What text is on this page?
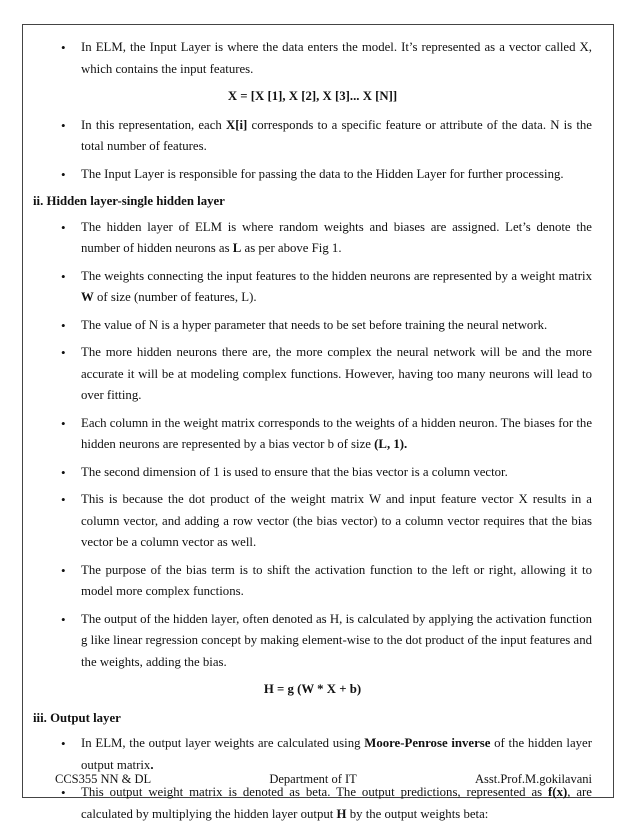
• In ELM, the Input Layer is where the data enters the model. It’s represented as a vector called X, which contains the input features.
X = [X [1], X [2], X [3]... X [N]]
• In this representation, each X[i] corresponds to a specific feature or attribute of the data. N is the total number of features.
• The Input Layer is responsible for passing the data to the Hidden Layer for further processing.
ii. Hidden layer-single hidden layer
• The hidden layer of ELM is where random weights and biases are assigned. Let’s denote the number of hidden neurons as L as per above Fig 1.
• The weights connecting the input features to the hidden neurons are represented by a weight matrix W of size (number of features, L).
• The value of N is a hyper parameter that needs to be set before training the neural network.
• The more hidden neurons there are, the more complex the neural network will be and the more accurate it will be at modeling complex functions. However, having too many neurons will lead to over fitting.
• Each column in the weight matrix corresponds to the weights of a hidden neuron. The biases for the hidden neurons are represented by a bias vector b of size (L, 1).
• The second dimension of 1 is used to ensure that the bias vector is a column vector.
• This is because the dot product of the weight matrix W and input feature vector X results in a column vector, and adding a row vector (the bias vector) to a column vector requires that the bias vector be a column vector as well.
• The purpose of the bias term is to shift the activation function to the left or right, allowing it to model more complex functions.
• The output of the hidden layer, often denoted as H, is calculated by applying the activation function g like linear regression concept by making element-wise to the dot product of the input features and the weights, adding the bias.
H = g (W * X + b)
iii. Output layer
• In ELM, the output layer weights are calculated using Moore-Penrose inverse of the hidden layer output matrix.
• This output weight matrix is denoted as beta. The output predictions, represented as f(x), are calculated by multiplying the hidden layer output H by the output weights beta:
CCS355 NN & DL	Department of IT	Asst.Prof.M.gokilavani
